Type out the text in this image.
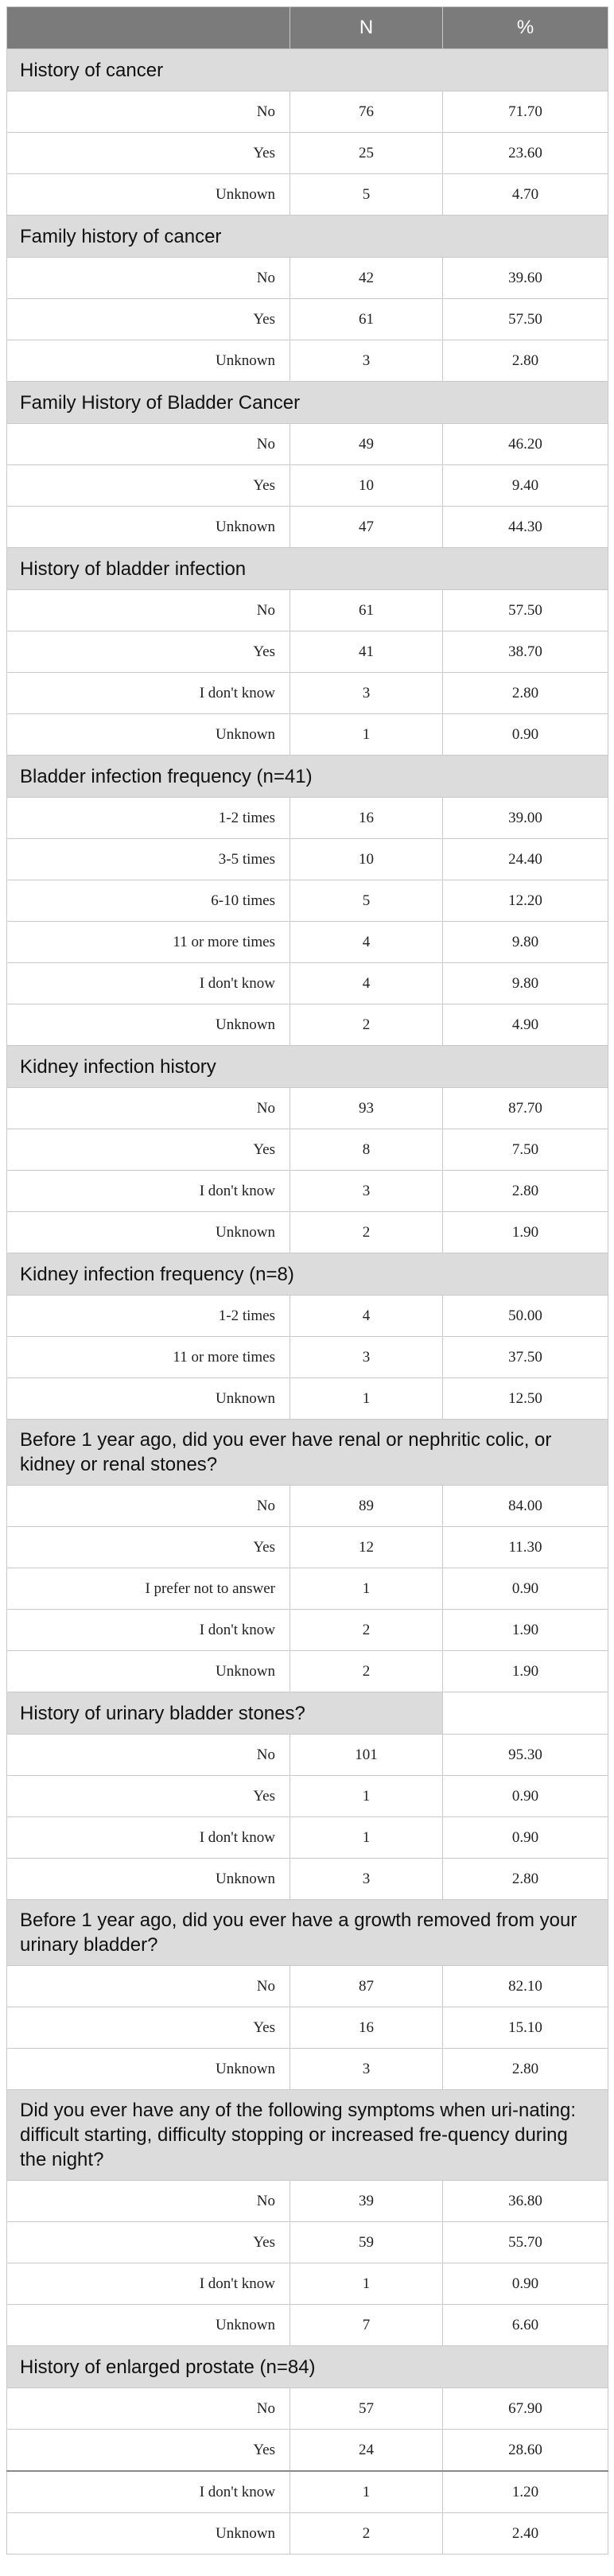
	N	%
History of cancer		
No	76	71.70
Yes	25	23.60
Unknown	5	4.70
Family history of cancer		
No	42	39.60
Yes	61	57.50
Unknown	3	2.80
Family History of Bladder Cancer		
No	49	46.20
Yes	10	9.40
Unknown	47	44.30
History of bladder infection		
No	61	57.50
Yes	41	38.70
I don't know	3	2.80
Unknown	1	0.90
Bladder infection frequency (n=41)		
1-2 times	16	39.00
3-5 times	10	24.40
6-10 times	5	12.20
11 or more times	4	9.80
I don't know	4	9.80
Unknown	2	4.90
Kidney infection history		
No	93	87.70
Yes	8	7.50
I don't know	3	2.80
Unknown	2	1.90
Kidney infection frequency (n=8)		
1-2 times	4	50.00
11 or more times	3	37.50
Unknown	1	12.50
Before 1 year ago, did you ever have renal or nephritic colic, or kidney or renal stones?		
No	89	84.00
Yes	12	11.30
I prefer not to answer	1	0.90
I don't know	2	1.90
Unknown	2	1.90
History of urinary bladder stones?		
No	101	95.30
Yes	1	0.90
I don't know	1	0.90
Unknown	3	2.80
Before 1 year ago, did you ever have a growth removed from your urinary bladder?		
No	87	82.10
Yes	16	15.10
Unknown	3	2.80
Did you ever have any of the following symptoms when uri-nating: difficult starting, difficulty stopping or increased fre-quency during the night?		
No	39	36.80
Yes	59	55.70
I don't know	1	0.90
Unknown	7	6.60
History of enlarged prostate (n=84)		
No	57	67.90
Yes	24	28.60
I don't know	1	1.20
Unknown	2	2.40
